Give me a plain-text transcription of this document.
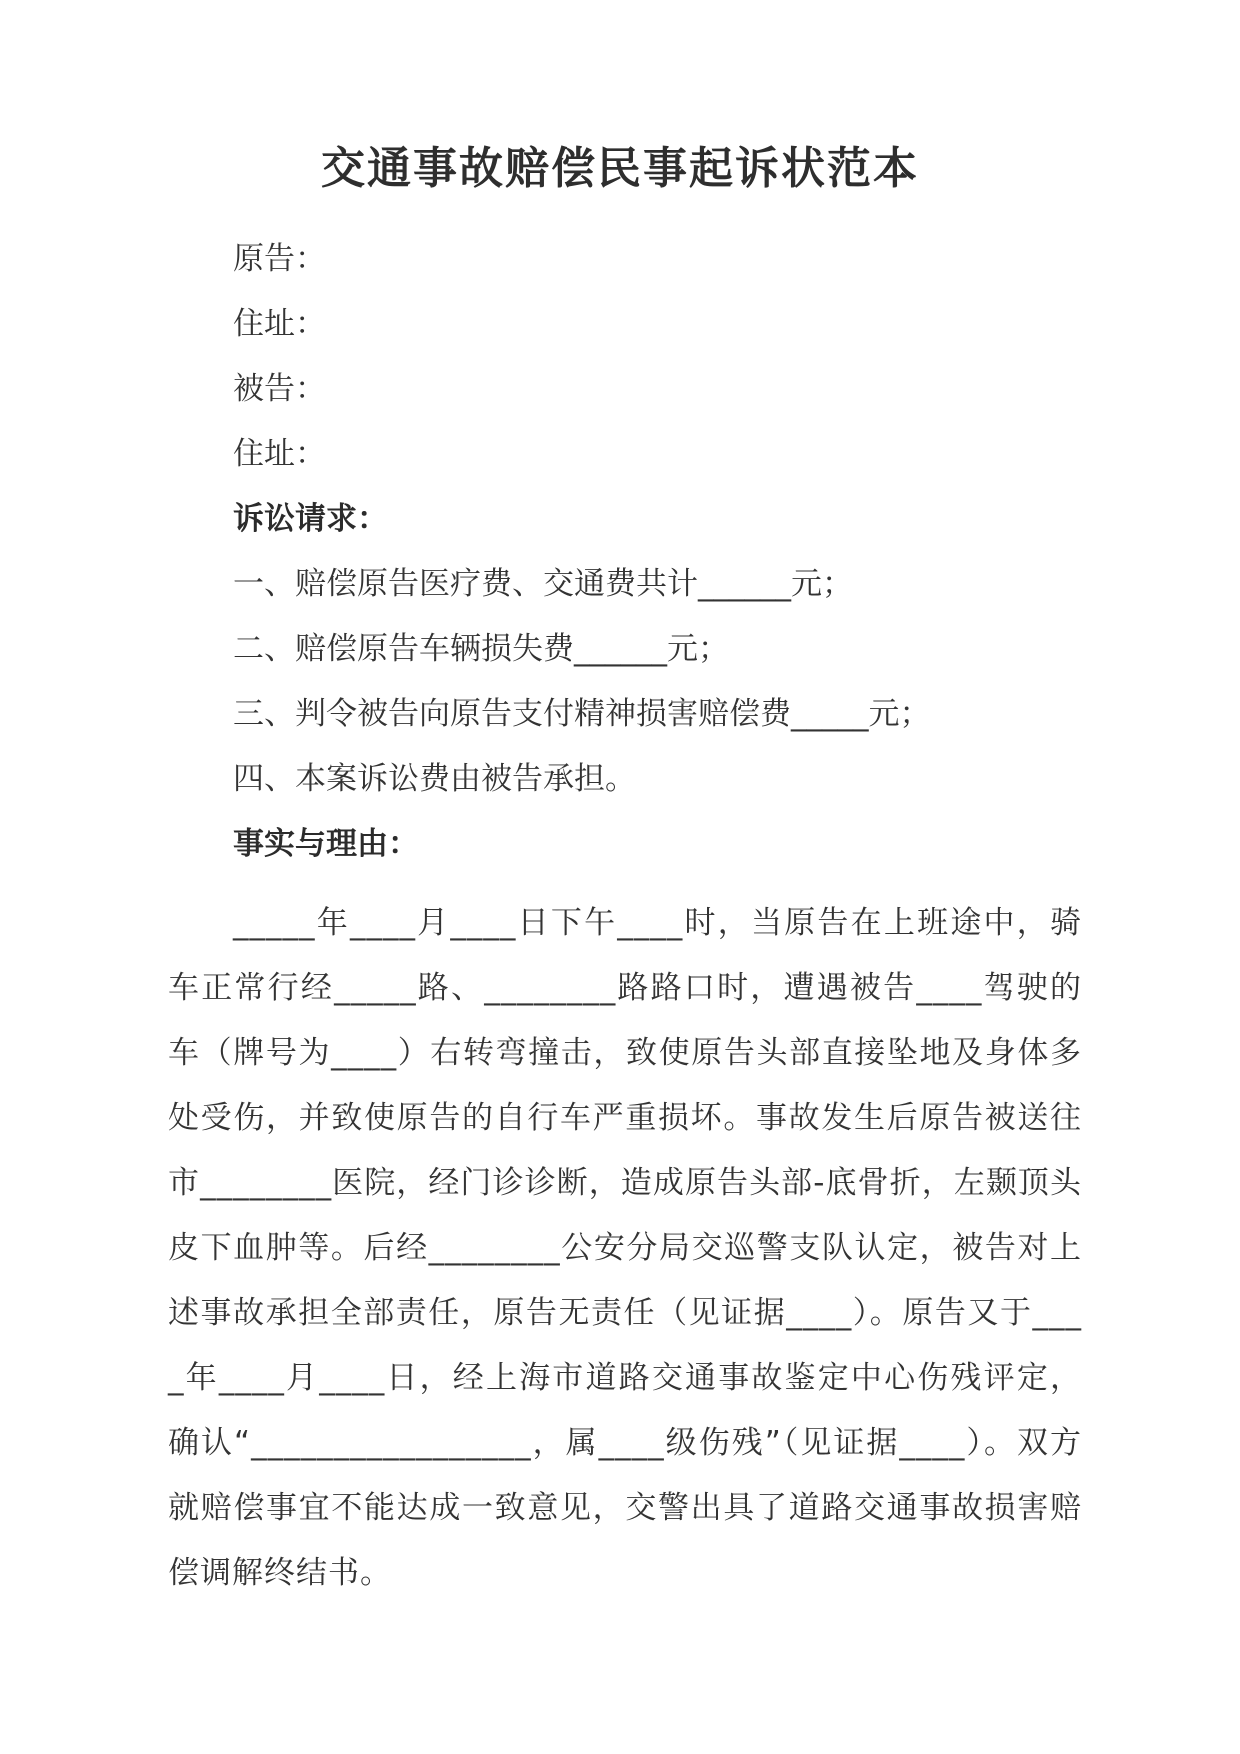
交通事故赔偿民事起诉状范本
原告：
住址：
被告：
住址：
诉讼请求：
一、赔偿原告医疗费、交通费共计______元；
二、赔偿原告车辆损失费______元；
三、判令被告向原告支付精神损害赔偿费_____元；
四、本案诉讼费由被告承担。
事实与理由：
_____年____月____日下午____时，当原告在上班途中，骑车正常行经_____路、________路路口时，遭遇被告____驾驶的车（牌号为____）右转弯撞击，致使原告头部直接坠地及身体多处受伤，并致使原告的自行车严重损坏。事故发生后原告被送往市________医院，经门诊诊断，造成原告头部-底骨折，左颞顶头皮下血肿等。后经________公安分局交巡警支队认定，被告对上述事故承担全部责任，原告无责任（见证据____）。原告又于____年____月____日，经上海市道路交通事故鉴定中心伤残评定，确认“_________________，属____级伤残”（见证据____）。双方就赔偿事宜不能达成一致意见，交警出具了道路交通事故损害赔偿调解终结书。
